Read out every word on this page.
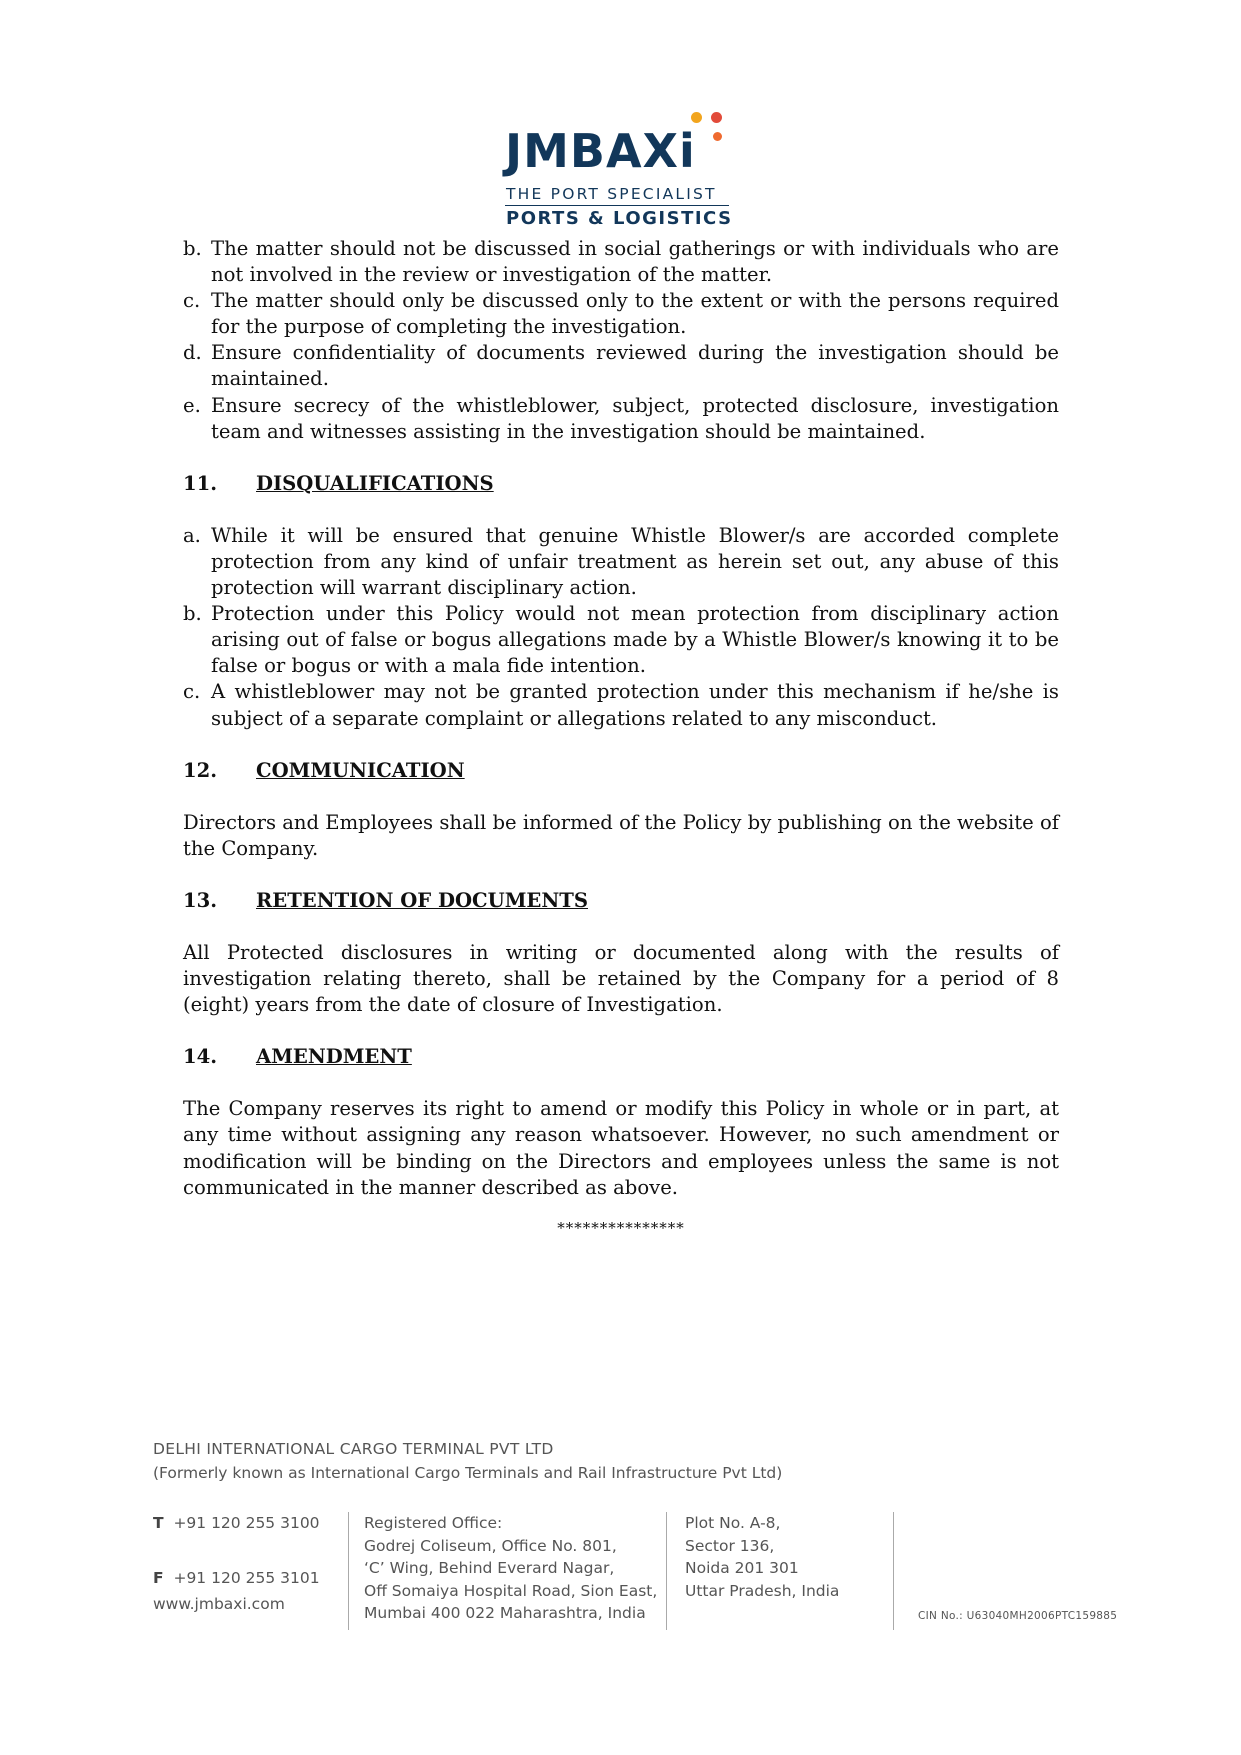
JMBAXi
THE PORT SPECIALIST
PORTS & LOGISTICS
b. The matter should not be discussed in social gatherings or with individuals who are not involved in the review or investigation of the matter.
c. The matter should only be discussed only to the extent or with the persons required for the purpose of completing the investigation.
d. Ensure confidentiality of documents reviewed during the investigation should be maintained.
e. Ensure secrecy of the whistleblower, subject, protected disclosure, investigation team and witnesses assisting in the investigation should be maintained.
11. DISQUALIFICATIONS
a. While it will be ensured that genuine Whistle Blower/s are accorded complete protection from any kind of unfair treatment as herein set out, any abuse of this protection will warrant disciplinary action.
b. Protection under this Policy would not mean protection from disciplinary action arising out of false or bogus allegations made by a Whistle Blower/s knowing it to be false or bogus or with a mala fide intention.
c. A whistleblower may not be granted protection under this mechanism if he/she is subject of a separate complaint or allegations related to any misconduct.
12. COMMUNICATION
Directors and Employees shall be informed of the Policy by publishing on the website of the Company.
13. RETENTION OF DOCUMENTS
All Protected disclosures in writing or documented along with the results of investigation relating thereto, shall be retained by the Company for a period of 8 (eight) years from the date of closure of Investigation.
14. AMENDMENT
The Company reserves its right to amend or modify this Policy in whole or in part, at any time without assigning any reason whatsoever. However, no such amendment or modification will be binding on the Directors and employees unless the same is not communicated in the manner described as above.
***************
DELHI INTERNATIONAL CARGO TERMINAL PVT LTD
(Formerly known as International Cargo Terminals and Rail Infrastructure Pvt Ltd)
T +91 120 255 3100
F +91 120 255 3101
www.jmbaxi.com
Registered Office:
Godrej Coliseum, Office No. 801,
‘C’ Wing, Behind Everard Nagar,
Off Somaiya Hospital Road, Sion East,
Mumbai 400 022 Maharashtra, India
Plot No. A-8,
Sector 136,
Noida 201 301
Uttar Pradesh, India
CIN No.: U63040MH2006PTC159885
